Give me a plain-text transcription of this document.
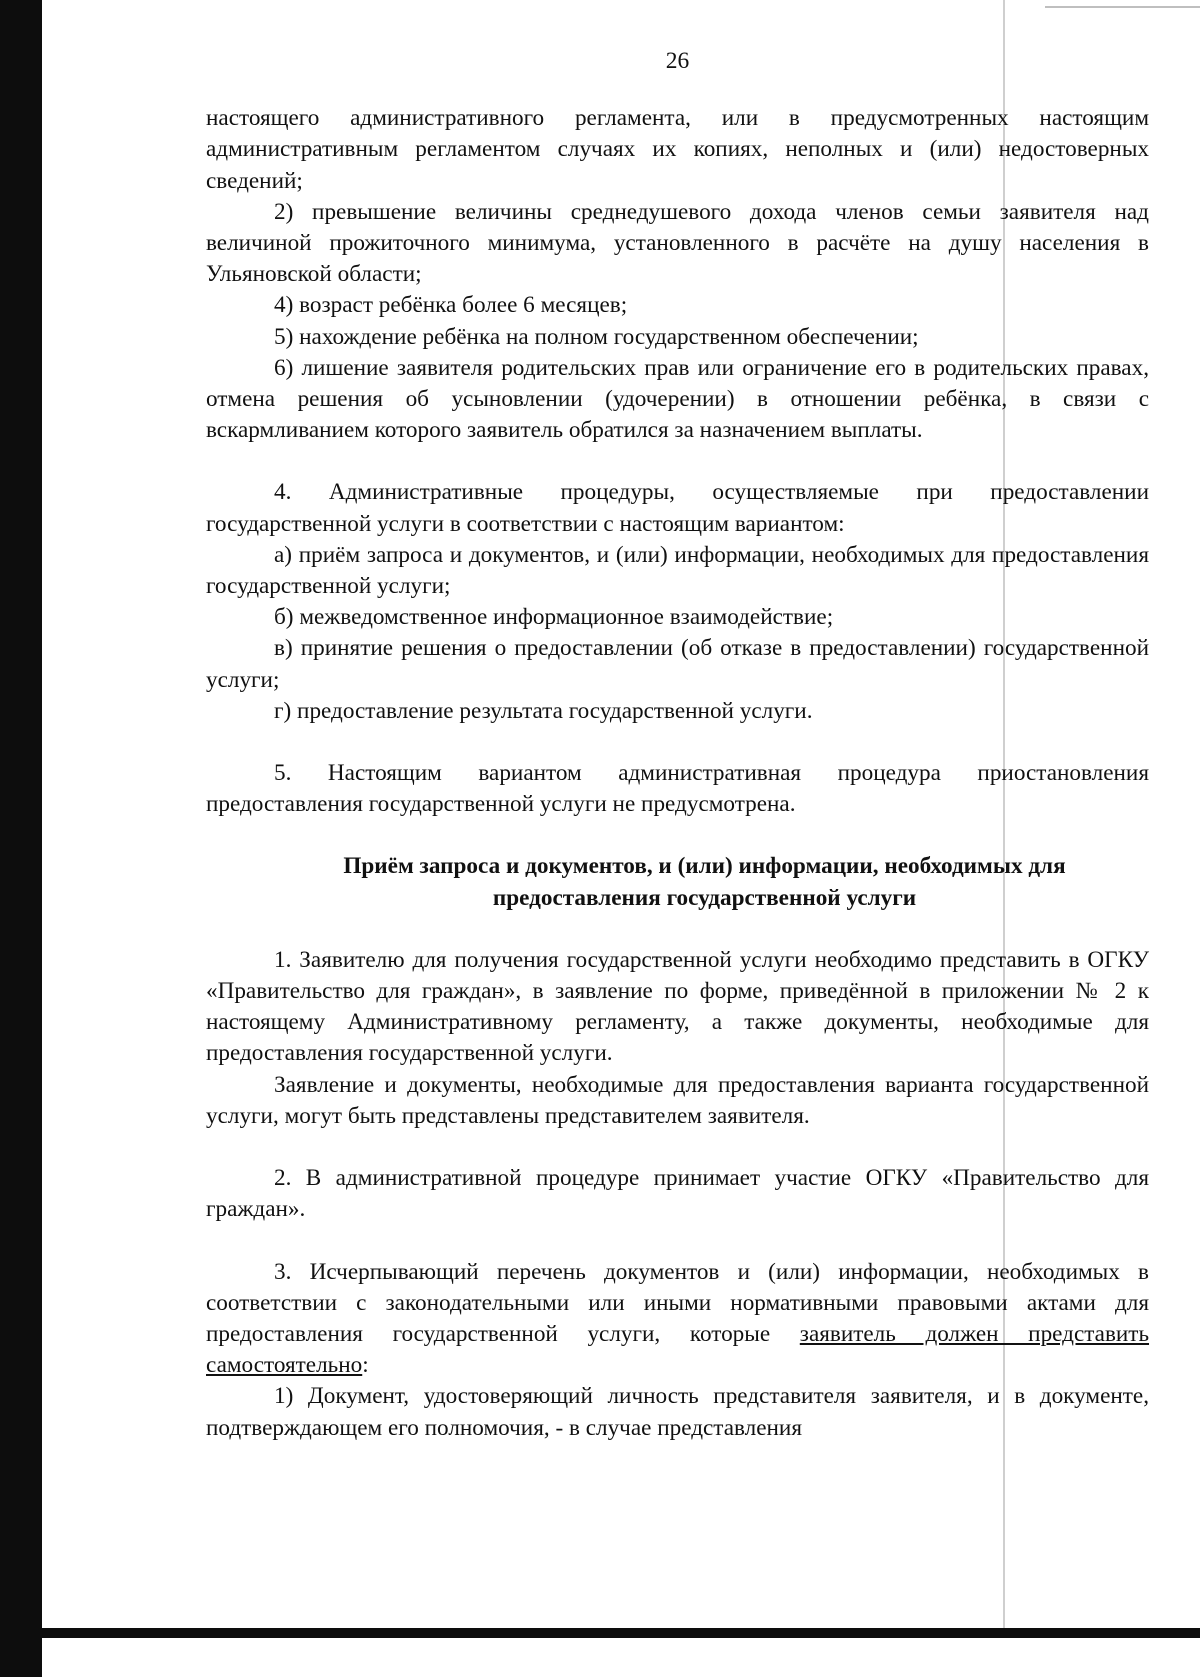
26

настоящего административного регламента, или в предусмотренных настоящим административным регламентом случаях их копиях, неполных и (или) недостоверных сведений;

2) превышение величины среднедушевого дохода членов семьи заявителя над величиной прожиточного минимума, установленного в расчёте на душу населения в Ульяновской области;

4) возраст ребёнка более 6 месяцев;

5) нахождение ребёнка на полном государственном обеспечении;

6) лишение заявителя родительских прав или ограничение его в родительских правах, отмена решения об усыновлении (удочерении) в отношении ребёнка, в связи с вскармливанием которого заявитель обратился за назначением выплаты.

4. Административные процедуры, осуществляемые при предоставлении государственной услуги в соответствии с настоящим вариантом:

а) приём запроса и документов, и (или) информации, необходимых для предоставления государственной услуги;

б) межведомственное информационное взаимодействие;

в) принятие решения о предоставлении (об отказе в предоставлении) государственной услуги;

г) предоставление результата государственной услуги.

5. Настоящим вариантом административная процедура приостановления предоставления государственной услуги не предусмотрена.

Приём запроса и документов, и (или) информации, необходимых для
предоставления государственной услуги

1. Заявителю для получения государственной услуги необходимо представить в ОГКУ «Правительство для граждан», в заявление по форме, приведённой в приложении № 2 к настоящему Административному регламенту, а также документы, необходимые для предоставления государственной услуги.

Заявление и документы, необходимые для предоставления варианта государственной услуги, могут быть представлены представителем заявителя.

2. В административной процедуре принимает участие ОГКУ «Правительство для граждан».

3. Исчерпывающий перечень документов и (или) информации, необходимых в соответствии с законодательными или иными нормативными правовыми актами для предоставления государственной услуги, которые заявитель должен представить самостоятельно:

1) Документ, удостоверяющий личность представителя заявителя, и в документе, подтверждающем его полномочия, - в случае представления
